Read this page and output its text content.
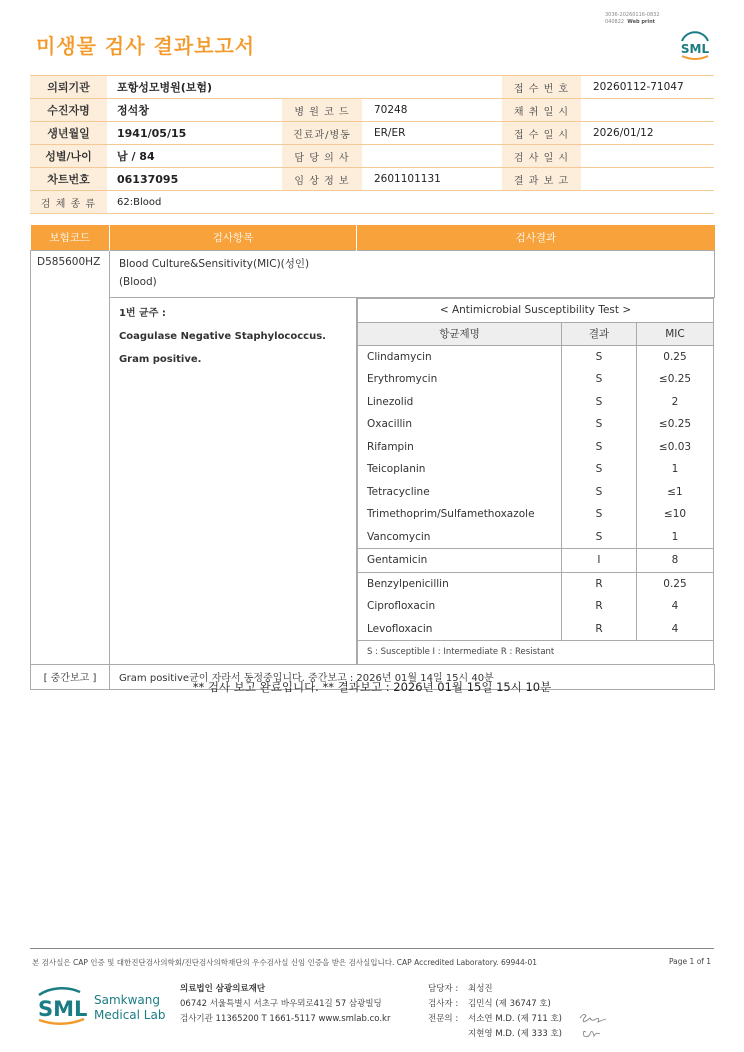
미생물 검사 결과보고서
3036-20260116-0832
040822 Web print
SML
의뢰기관	포항성모병원(보험)			접 수 번 호	20260112-71047
수진자명	정석창	병 원 코 드	70248	채 취 일 시	
생년월일	1941/05/15	진료과/병동	ER/ER	접 수 일 시	2026/01/12
성별/나이	남 / 84	담 당 의 사		검 사 일 시	
차트번호	06137095	임 상 정 보	2601101131	결 과 보 고	
검 체 종 류	62:Blood				
보험코드	검사항목	검사결과
D585600HZ	Blood Culture&Sensitivity(MIC)(성인)
(Blood)

1번 균주 :
Coagulase Negative Staphylococcus.
Gram positive.

< Antimicrobial Susceptibility Test >
항균제명	결과	MIC
Clindamycin	S	0.25
Erythromycin	S	≤0.25
Linezolid	S	2
Oxacillin	S	≤0.25
Rifampin	S	≤0.03
Teicoplanin	S	1
Tetracycline	S	≤1
Trimethoprim/Sulfamethoxazole	S	≤10
Vancomycin	S	1
Gentamicin	I	8
Benzylpenicillin	R	0.25
Ciprofloxacin	R	4
Levofloxacin	R	4
S : Susceptible I : Intermediate R : Resistant

[ 중간보고 ]	Gram positive균이 자라서 동정중입니다. 중간보고 : 2026년 01월 14일 15시 40분
** 검사 보고 완료입니다. ** 결과보고 : 2026년 01월 15일 15시 10분
본 검사실은 CAP 인증 및 대한진단검사의학회/진단검사의학재단의 우수검사실 신임 인증을 받은 검사실입니다. CAP Accredited Laboratory. 69944-01	Page 1 of 1
SML Samkwang
Medical Lab
의료법인 삼광의료재단
06742 서울특별시 서초구 바우뫼로41길 57 삼광빌딩
검사기관 11365200 T 1661-5117 www.smlab.co.kr
담당자 : 최성진
검사자 : 김민식 (제 36747 호)
전문의 : 서소연 M.D. (제 711 호)
지현영 M.D. (제 333 호)
